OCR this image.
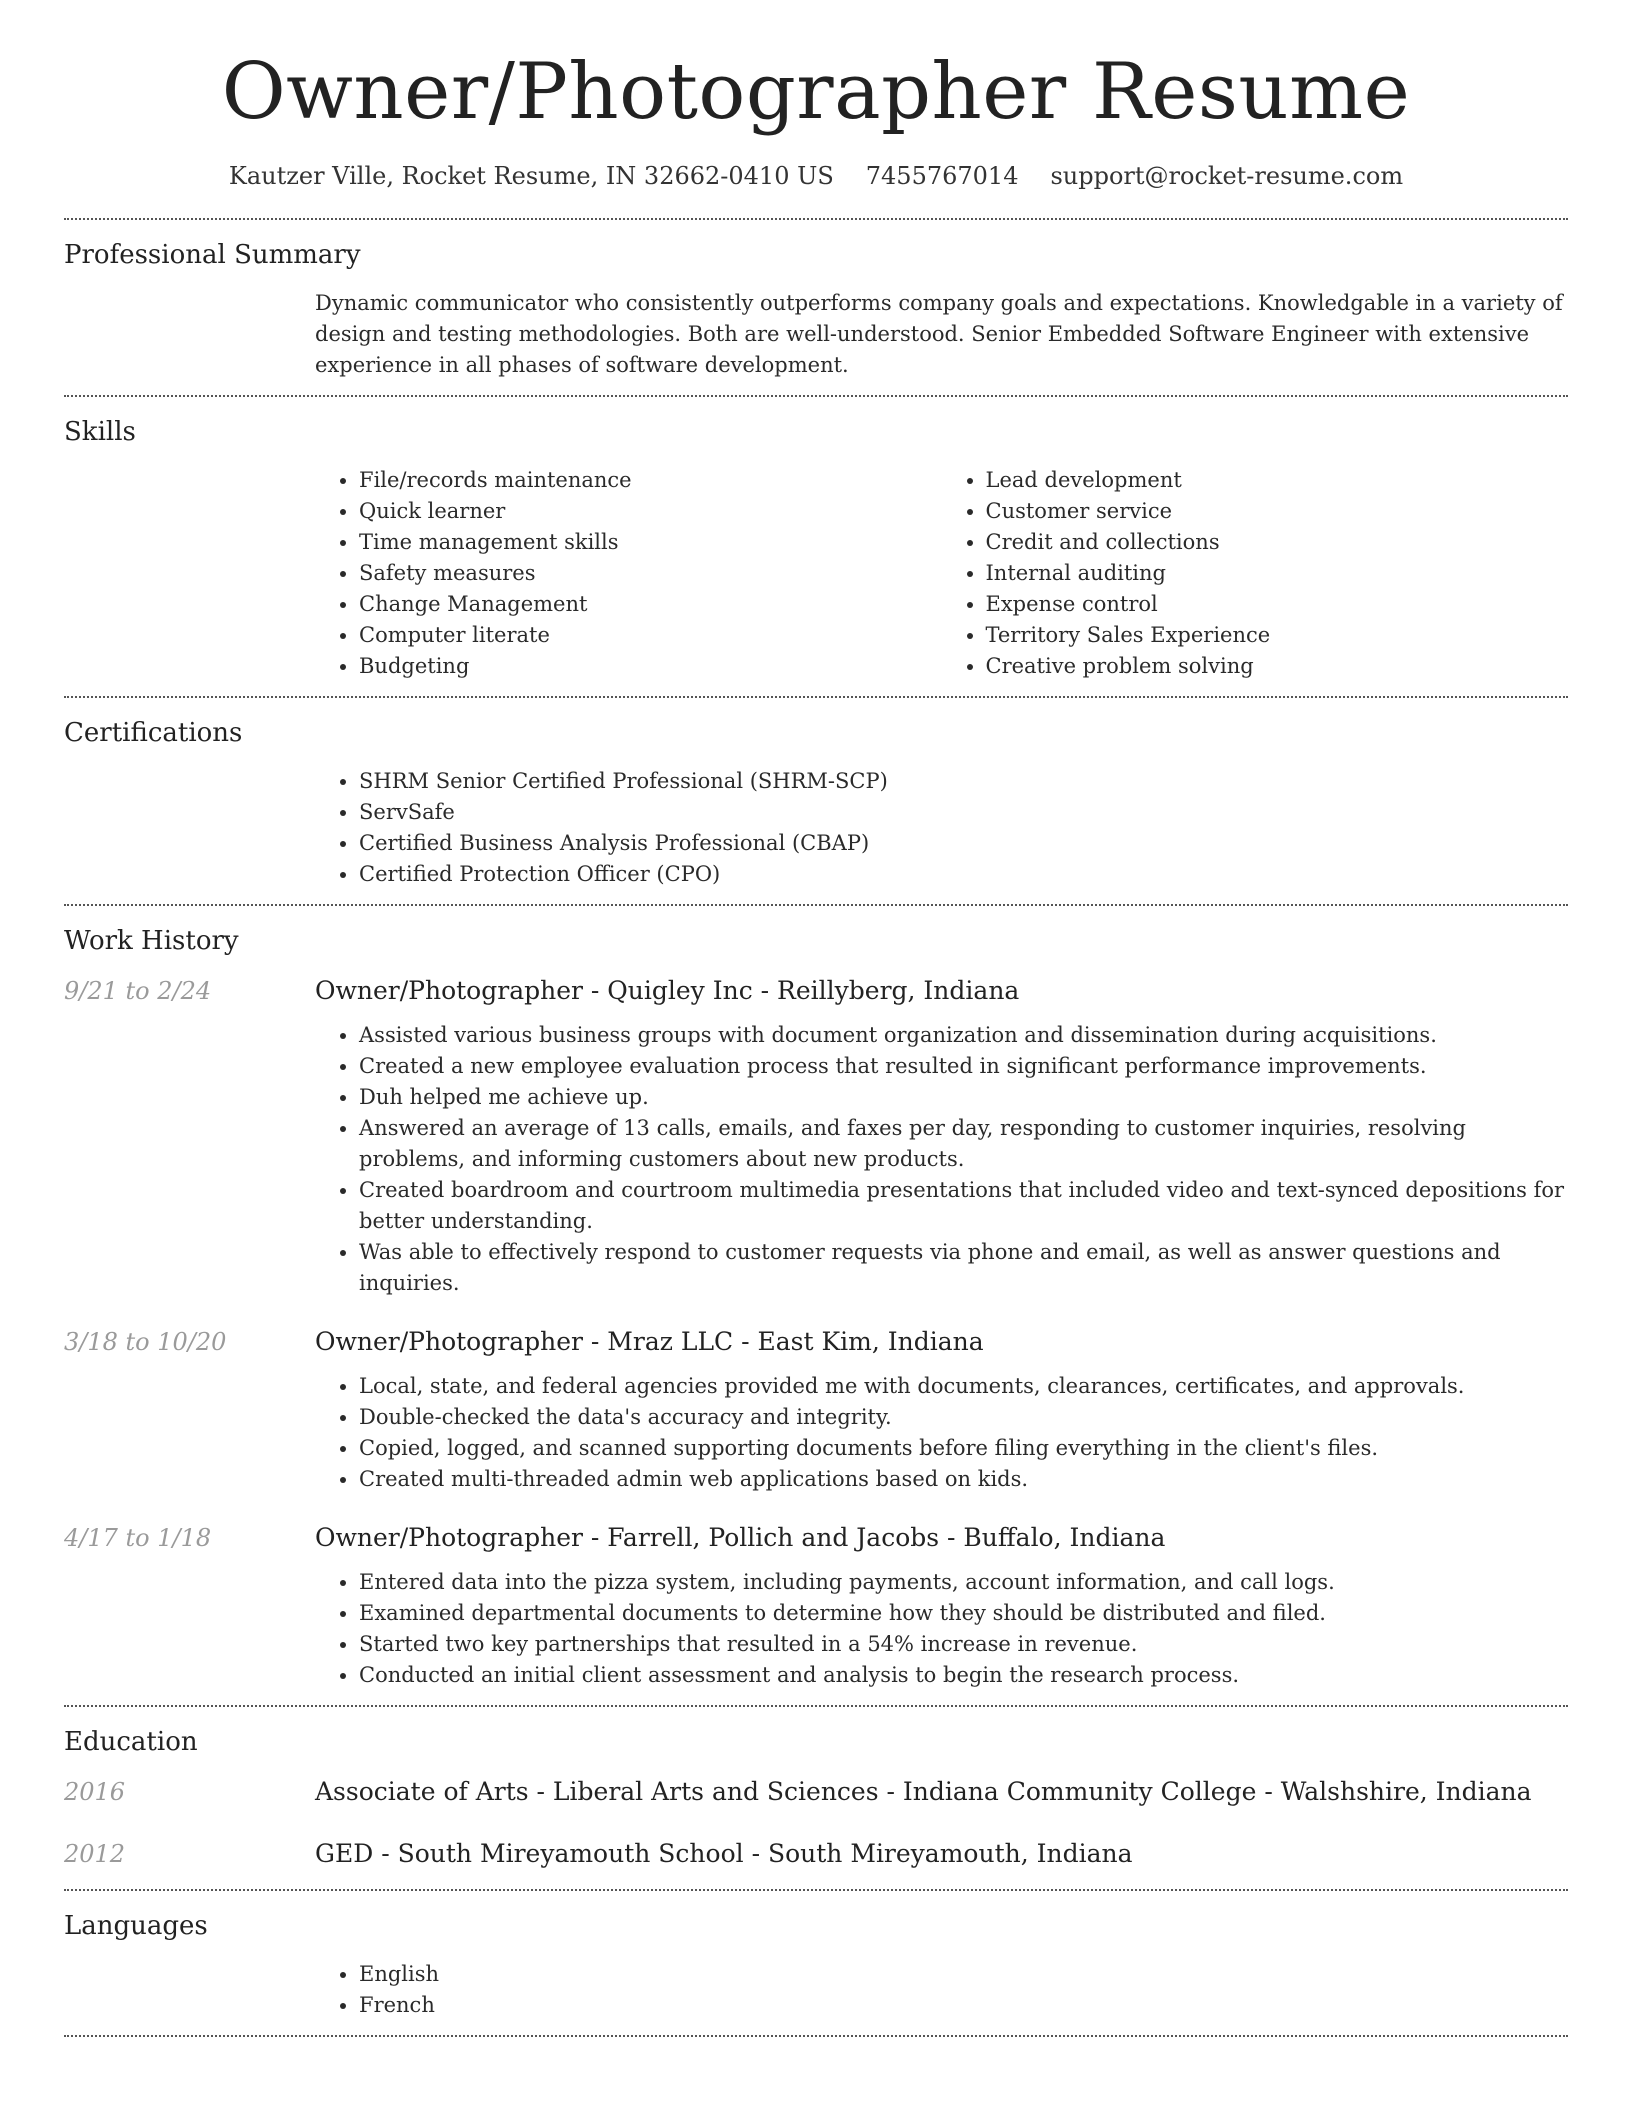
Owner/Photographer Resume
Kautzer Ville, Rocket Resume, IN 32662-0410 US 7455767014 support@rocket-resume.com
Professional Summary

Dynamic communicator who consistently outperforms company goals and expectations. Knowledgable in a variety of design and testing methodologies. Both are well-understood. Senior Embedded Software Engineer with extensive experience in all phases of software development.

Skills
• File/records maintenance
• Quick learner
• Time management skills
• Safety measures
• Change Management
• Computer literate
• Budgeting
• Lead development
• Customer service
• Credit and collections
• Internal auditing
• Expense control
• Territory Sales Experience
• Creative problem solving
Certifications
• SHRM Senior Certified Professional (SHRM-SCP)
• ServSafe
• Certified Business Analysis Professional (CBAP)
• Certified Protection Officer (CPO)
Work History
9/21 to 2/24	Owner/Photographer - Quigley Inc - Reillyberg, Indiana
• Assisted various business groups with document organization and dissemination during acquisitions.
• Created a new employee evaluation process that resulted in significant performance improvements.
• Duh helped me achieve up.
• Answered an average of 13 calls, emails, and faxes per day, responding to customer inquiries, resolving problems, and informing customers about new products.
• Created boardroom and courtroom multimedia presentations that included video and text-synced depositions for better understanding.
• Was able to effectively respond to customer requests via phone and email, as well as answer questions and inquiries.
3/18 to 10/20	Owner/Photographer - Mraz LLC - East Kim, Indiana
• Local, state, and federal agencies provided me with documents, clearances, certificates, and approvals.
• Double-checked the data's accuracy and integrity.
• Copied, logged, and scanned supporting documents before filing everything in the client's files.
• Created multi-threaded admin web applications based on kids.
4/17 to 1/18	Owner/Photographer - Farrell, Pollich and Jacobs - Buffalo, Indiana
• Entered data into the pizza system, including payments, account information, and call logs.
• Examined departmental documents to determine how they should be distributed and filed.
• Started two key partnerships that resulted in a 54% increase in revenue.
• Conducted an initial client assessment and analysis to begin the research process.
Education
2016	Associate of Arts - Liberal Arts and Sciences - Indiana Community College - Walshshire, Indiana
2012	GED - South Mireyamouth School - South Mireyamouth, Indiana
Languages
• English
• French
